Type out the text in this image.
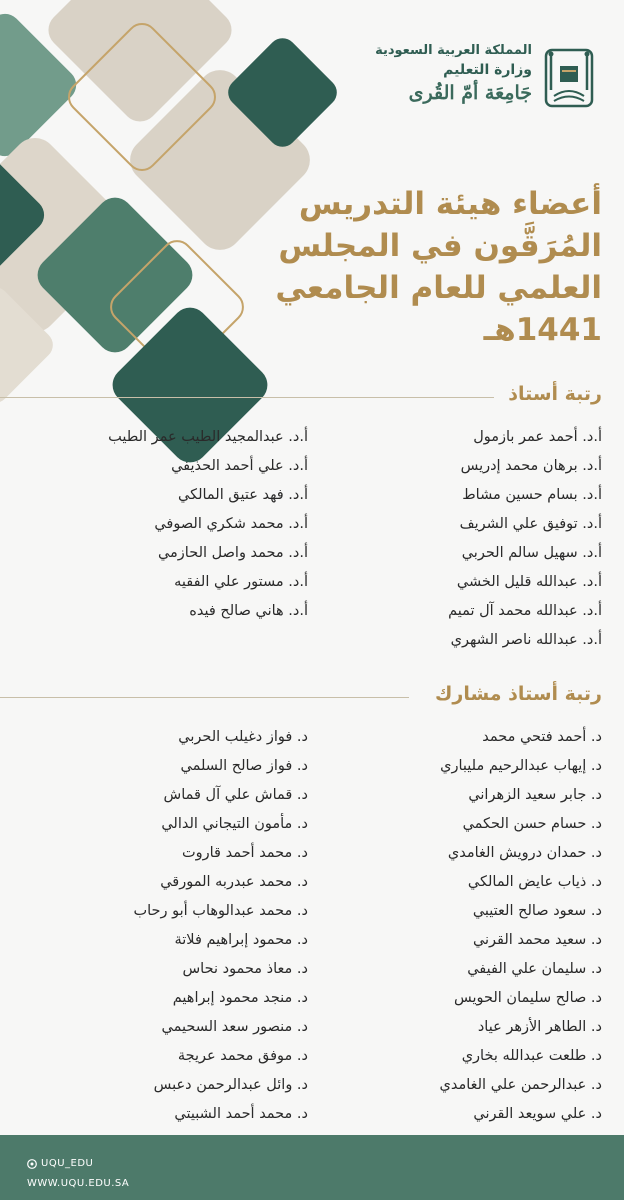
المملكة العربية السعودية
وزارة التعليم
جَامِعَة أمّ القُرى
أعضاء هيئة التدريس
المُرَقَّون في المجلس
العلمي للعام الجامعي
1441هـ
رتبة أستاذ
أ.د. أحمد عمر بازمول
أ.د. برهان محمد إدريس
أ.د. بسام حسين مشاط
أ.د. توفيق علي الشريف
أ.د. سهيل سالم الحربي
أ.د. عبدالله قليل الخشي
أ.د. عبدالله محمد آل تميم
أ.د. عبدالله ناصر الشهري
أ.د. عبدالمجيد الطيب عمر الطيب
أ.د. علي أحمد الحذيفي
أ.د. فهد عتيق المالكي
أ.د. محمد شكري الصوفي
أ.د. محمد واصل الحازمي
أ.د. مستور علي الفقيه
أ.د. هاني صالح فيده
رتبة أستاذ مشارك
د. أحمد فتحي محمد
د. إيهاب عبدالرحيم مليباري
د. جابر سعيد الزهراني
د. حسام حسن الحكمي
د. حمدان درويش الغامدي
د. ذياب عايض المالكي
د. سعود صالح العتيبي
د. سعيد محمد القرني
د. سليمان علي الفيفي
د. صالح سليمان الحويس
د. الطاهر الأزهر عياد
د. طلعت عبدالله بخاري
د. عبدالرحمن علي الغامدي
د. علي سويعد القرني
د. فواز دغيلب الحربي
د. فواز صالح السلمي
د. قماش علي آل قماش
د. مأمون التيجاني الدالي
د. محمد أحمد قاروت
د. محمد عبدربه المورقي
د. محمد عبدالوهاب أبو رحاب
د. محمود إبراهيم فلاتة
د. معاذ محمود نحاس
د. منجد محمود إبراهيم
د. منصور سعد السحيمي
د. موفق محمد عريجة
د. وائل عبدالرحمن دعبس
د. محمد أحمد الشبيتي
UQU_EDU
WWW.UQU.EDU.SA
